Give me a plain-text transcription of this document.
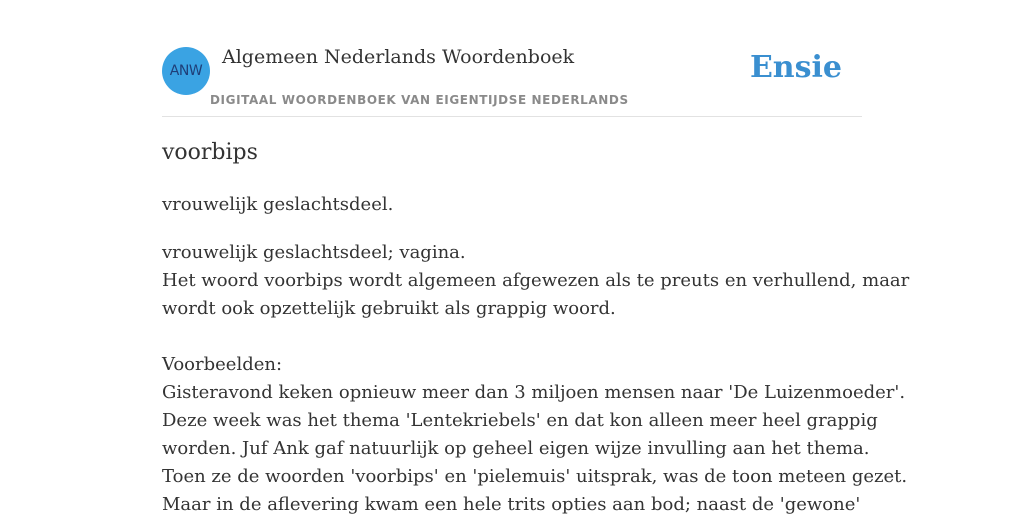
ANW
Algemeen Nederlands Woordenboek
DIGITAAL WOORDENBOEK VAN EIGENTIJDSE NEDERLANDS
Ensie
voorbips
vrouwelijk geslachtsdeel.
vrouwelijk geslachtsdeel; vagina.
Het woord voorbips wordt algemeen afgewezen als te preuts en verhullend, maar
wordt ook opzettelijk gebruikt als grappig woord.
Voorbeelden:
Gisteravond keken opnieuw meer dan 3 miljoen mensen naar 'De Luizenmoeder'.
Deze week was het thema 'Lentekriebels' en dat kon alleen meer heel grappig
worden. Juf Ank gaf natuurlijk op geheel eigen wijze invulling aan het thema.
Toen ze de woorden 'voorbips' en 'pielemuis' uitsprak, was de toon meteen gezet.
Maar in de aflevering kwam een hele trits opties aan bod; naast de 'gewone'
